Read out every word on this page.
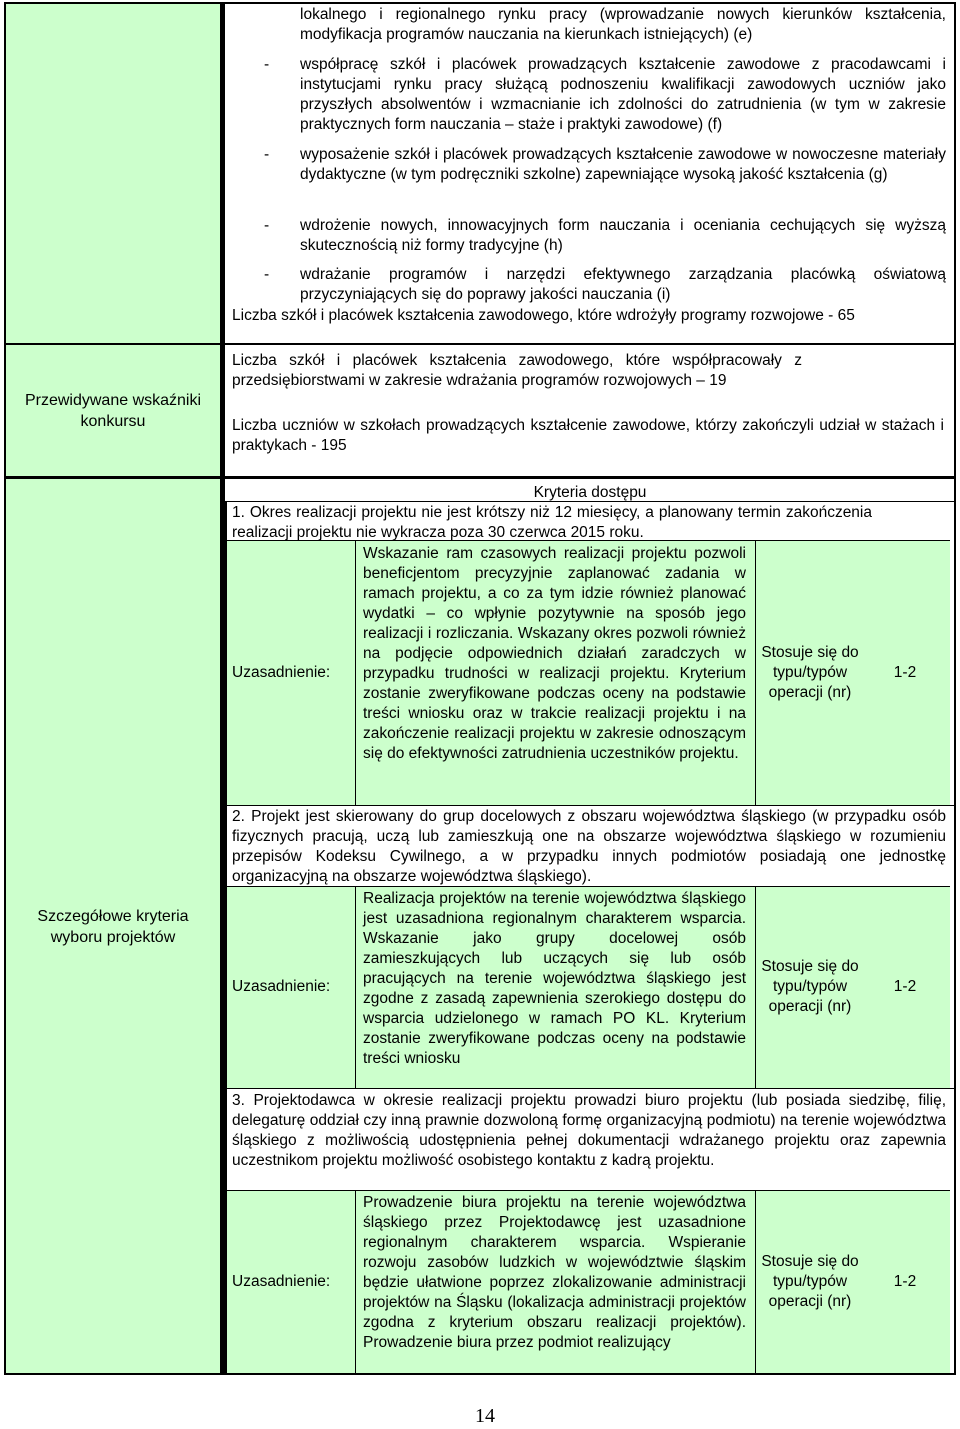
lokalnego i regionalnego rynku pracy (wprowadzanie nowych kierunków kształcenia, modyfikacja programów nauczania na kierunkach istniejących) (e)
- współpracę szkół i placówek prowadzących kształcenie zawodowe z pracodawcami i instytucjami rynku pracy służącą podnoszeniu kwalifikacji zawodowych uczniów jako przyszłych absolwentów i wzmacnianie ich zdolności do zatrudnienia (w tym w zakresie praktycznych form nauczania – staże i praktyki zawodowe) (f)
- wyposażenie szkół i placówek prowadzących kształcenie zawodowe w nowoczesne materiały dydaktyczne (w tym podręczniki szkolne) zapewniające wysoką jakość kształcenia (g)
- wdrożenie nowych, innowacyjnych form nauczania i oceniania cechujących się wyższą skutecznością niż formy tradycyjne (h)
- wdrażanie programów i narzędzi efektywnego zarządzania placówką oświatową przyczyniających się do poprawy jakości nauczania (i)
Liczba szkół i placówek kształcenia zawodowego, które wdrożyły programy rozwojowe - 65
Przewidywane wskaźniki konkursu
Liczba szkół i placówek kształcenia zawodowego, które współpracowały z przedsiębiorstwami w zakresie wdrażania programów rozwojowych – 19
Liczba uczniów w szkołach prowadzących kształcenie zawodowe, którzy zakończyli udział w stażach i praktykach - 195
Szczegółowe kryteria wyboru projektów
Kryteria dostępu
1. Okres realizacji projektu nie jest krótszy niż 12 miesięcy, a planowany termin zakończenia realizacji projektu nie wykracza poza 30 czerwca 2015 roku.
Uzasadnienie:
Wskazanie ram czasowych realizacji projektu pozwoli beneficjentom precyzyjnie zaplanować zadania w ramach projektu, a co za tym idzie również planować wydatki – co wpłynie pozytywnie na sposób jego realizacji i rozliczania. Wskazany okres pozwoli również na podjęcie odpowiednich działań zaradczych w przypadku trudności w realizacji projektu. Kryterium zostanie zweryfikowane podczas oceny na podstawie treści wniosku oraz w trakcie realizacji projektu i na zakończenie realizacji projektu w zakresie odnoszącym się do efektywności zatrudnienia uczestników projektu.
Stosuje się do typu/typów operacji (nr)
1-2
2. Projekt jest skierowany do grup docelowych z obszaru województwa śląskiego (w przypadku osób fizycznych pracują, uczą lub zamieszkują one na obszarze województwa śląskiego w rozumieniu przepisów Kodeksu Cywilnego, a w przypadku innych podmiotów posiadają one jednostkę organizacyjną na obszarze województwa śląskiego).
Uzasadnienie:
Realizacja projektów na terenie województwa śląskiego jest uzasadniona regionalnym charakterem wsparcia. Wskazanie jako grupy docelowej osób zamieszkujących lub uczących się lub osób pracujących na terenie województwa śląskiego jest zgodne z zasadą zapewnienia szerokiego dostępu do wsparcia udzielonego w ramach PO KL. Kryterium zostanie zweryfikowane podczas oceny na podstawie treści wniosku
Stosuje się do typu/typów operacji (nr)
1-2
3. Projektodawca w okresie realizacji projektu prowadzi biuro projektu (lub posiada siedzibę, filię, delegaturę oddział czy inną prawnie dozwoloną formę organizacyjną podmiotu) na terenie województwa śląskiego z możliwością udostępnienia pełnej dokumentacji wdrażanego projektu oraz zapewnia uczestnikom projektu możliwość osobistego kontaktu z kadrą projektu.
Uzasadnienie:
Prowadzenie biura projektu na terenie województwa śląskiego przez Projektodawcę jest uzasadnione regionalnym charakterem wsparcia. Wspieranie rozwoju zasobów ludzkich w województwie śląskim będzie ułatwione poprzez zlokalizowanie administracji projektów na Śląsku (lokalizacja administracji projektów zgodna z kryterium obszaru realizacji projektów). Prowadzenie biura przez podmiot realizujący
Stosuje się do typu/typów operacji (nr)
1-2
14
